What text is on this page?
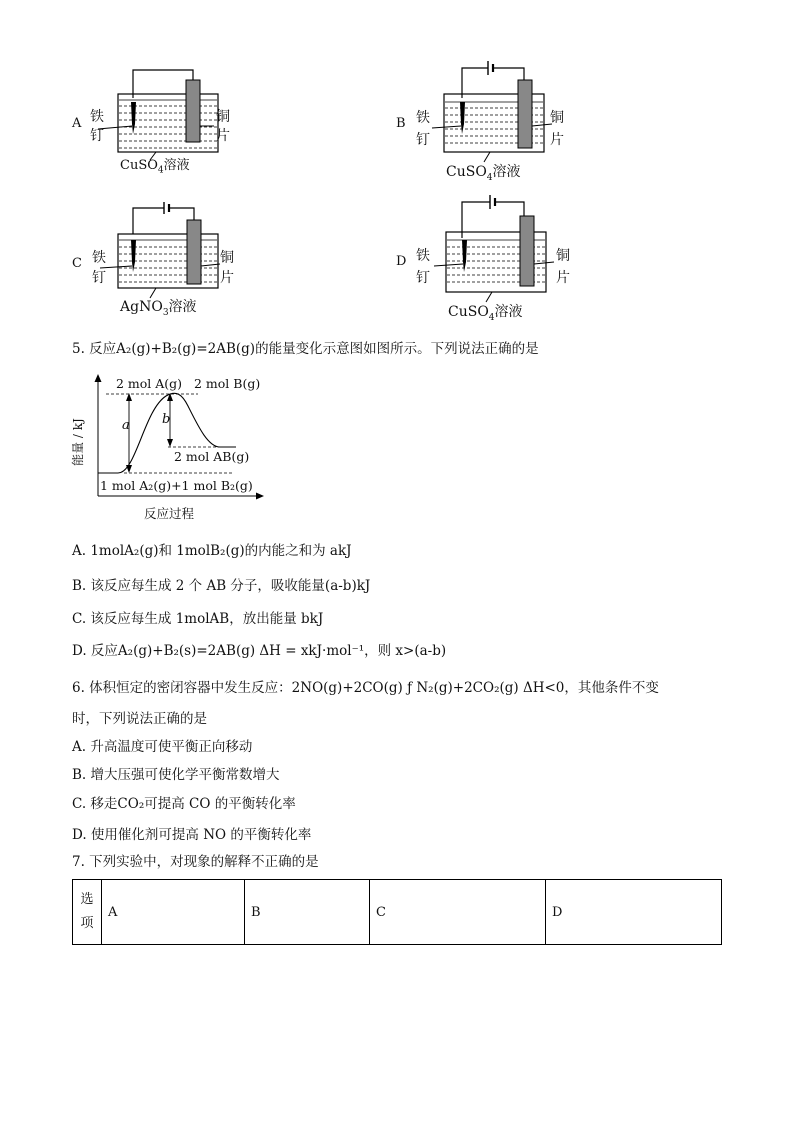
A 铁
钉
铜
片
CuSO$_4$溶液
B 铁
钉
铜
片
CuSO$_4$溶液
C 铁
钉
铜
片
AgNO$_3$溶液
D 铁
钉
铜
片
CuSO$_4$溶液
5. 反应A₂(g)+B₂(g)=2AB(g)的能量变化示意图如图所示。下列说法正确的是
2 mol A(g)   2 mol B(g)
2 mol AB(g)
1 mol A₂(g)+1 mol B₂(g)
a b
能量 / kJ
反应过程
A. 1molA₂(g)和 1molB₂(g)的内能之和为 akJ
B. 该反应每生成 2 个 AB 分子，吸收能量(a-b)kJ
C. 该反应每生成 1molAB，放出能量 bkJ
D. 反应A₂(g)+B₂(s)=2AB(g) ΔH = xkJ·mol⁻¹，则 x>(a-b)
6. 体积恒定的密闭容器中发生反应：2NO(g)+2CO(g) ƒ N₂(g)+2CO₂(g) ΔH<0，其他条件不变
时，下列说法正确的是
A. 升高温度可使平衡正向移动
B. 增大压强可使化学平衡常数增大
C. 移走CO₂可提高 CO 的平衡转化率
D. 使用催化剂可提高 NO 的平衡转化率
7. 下列实验中，对现象的解释不正确的是
选
项	A	B	C	D
